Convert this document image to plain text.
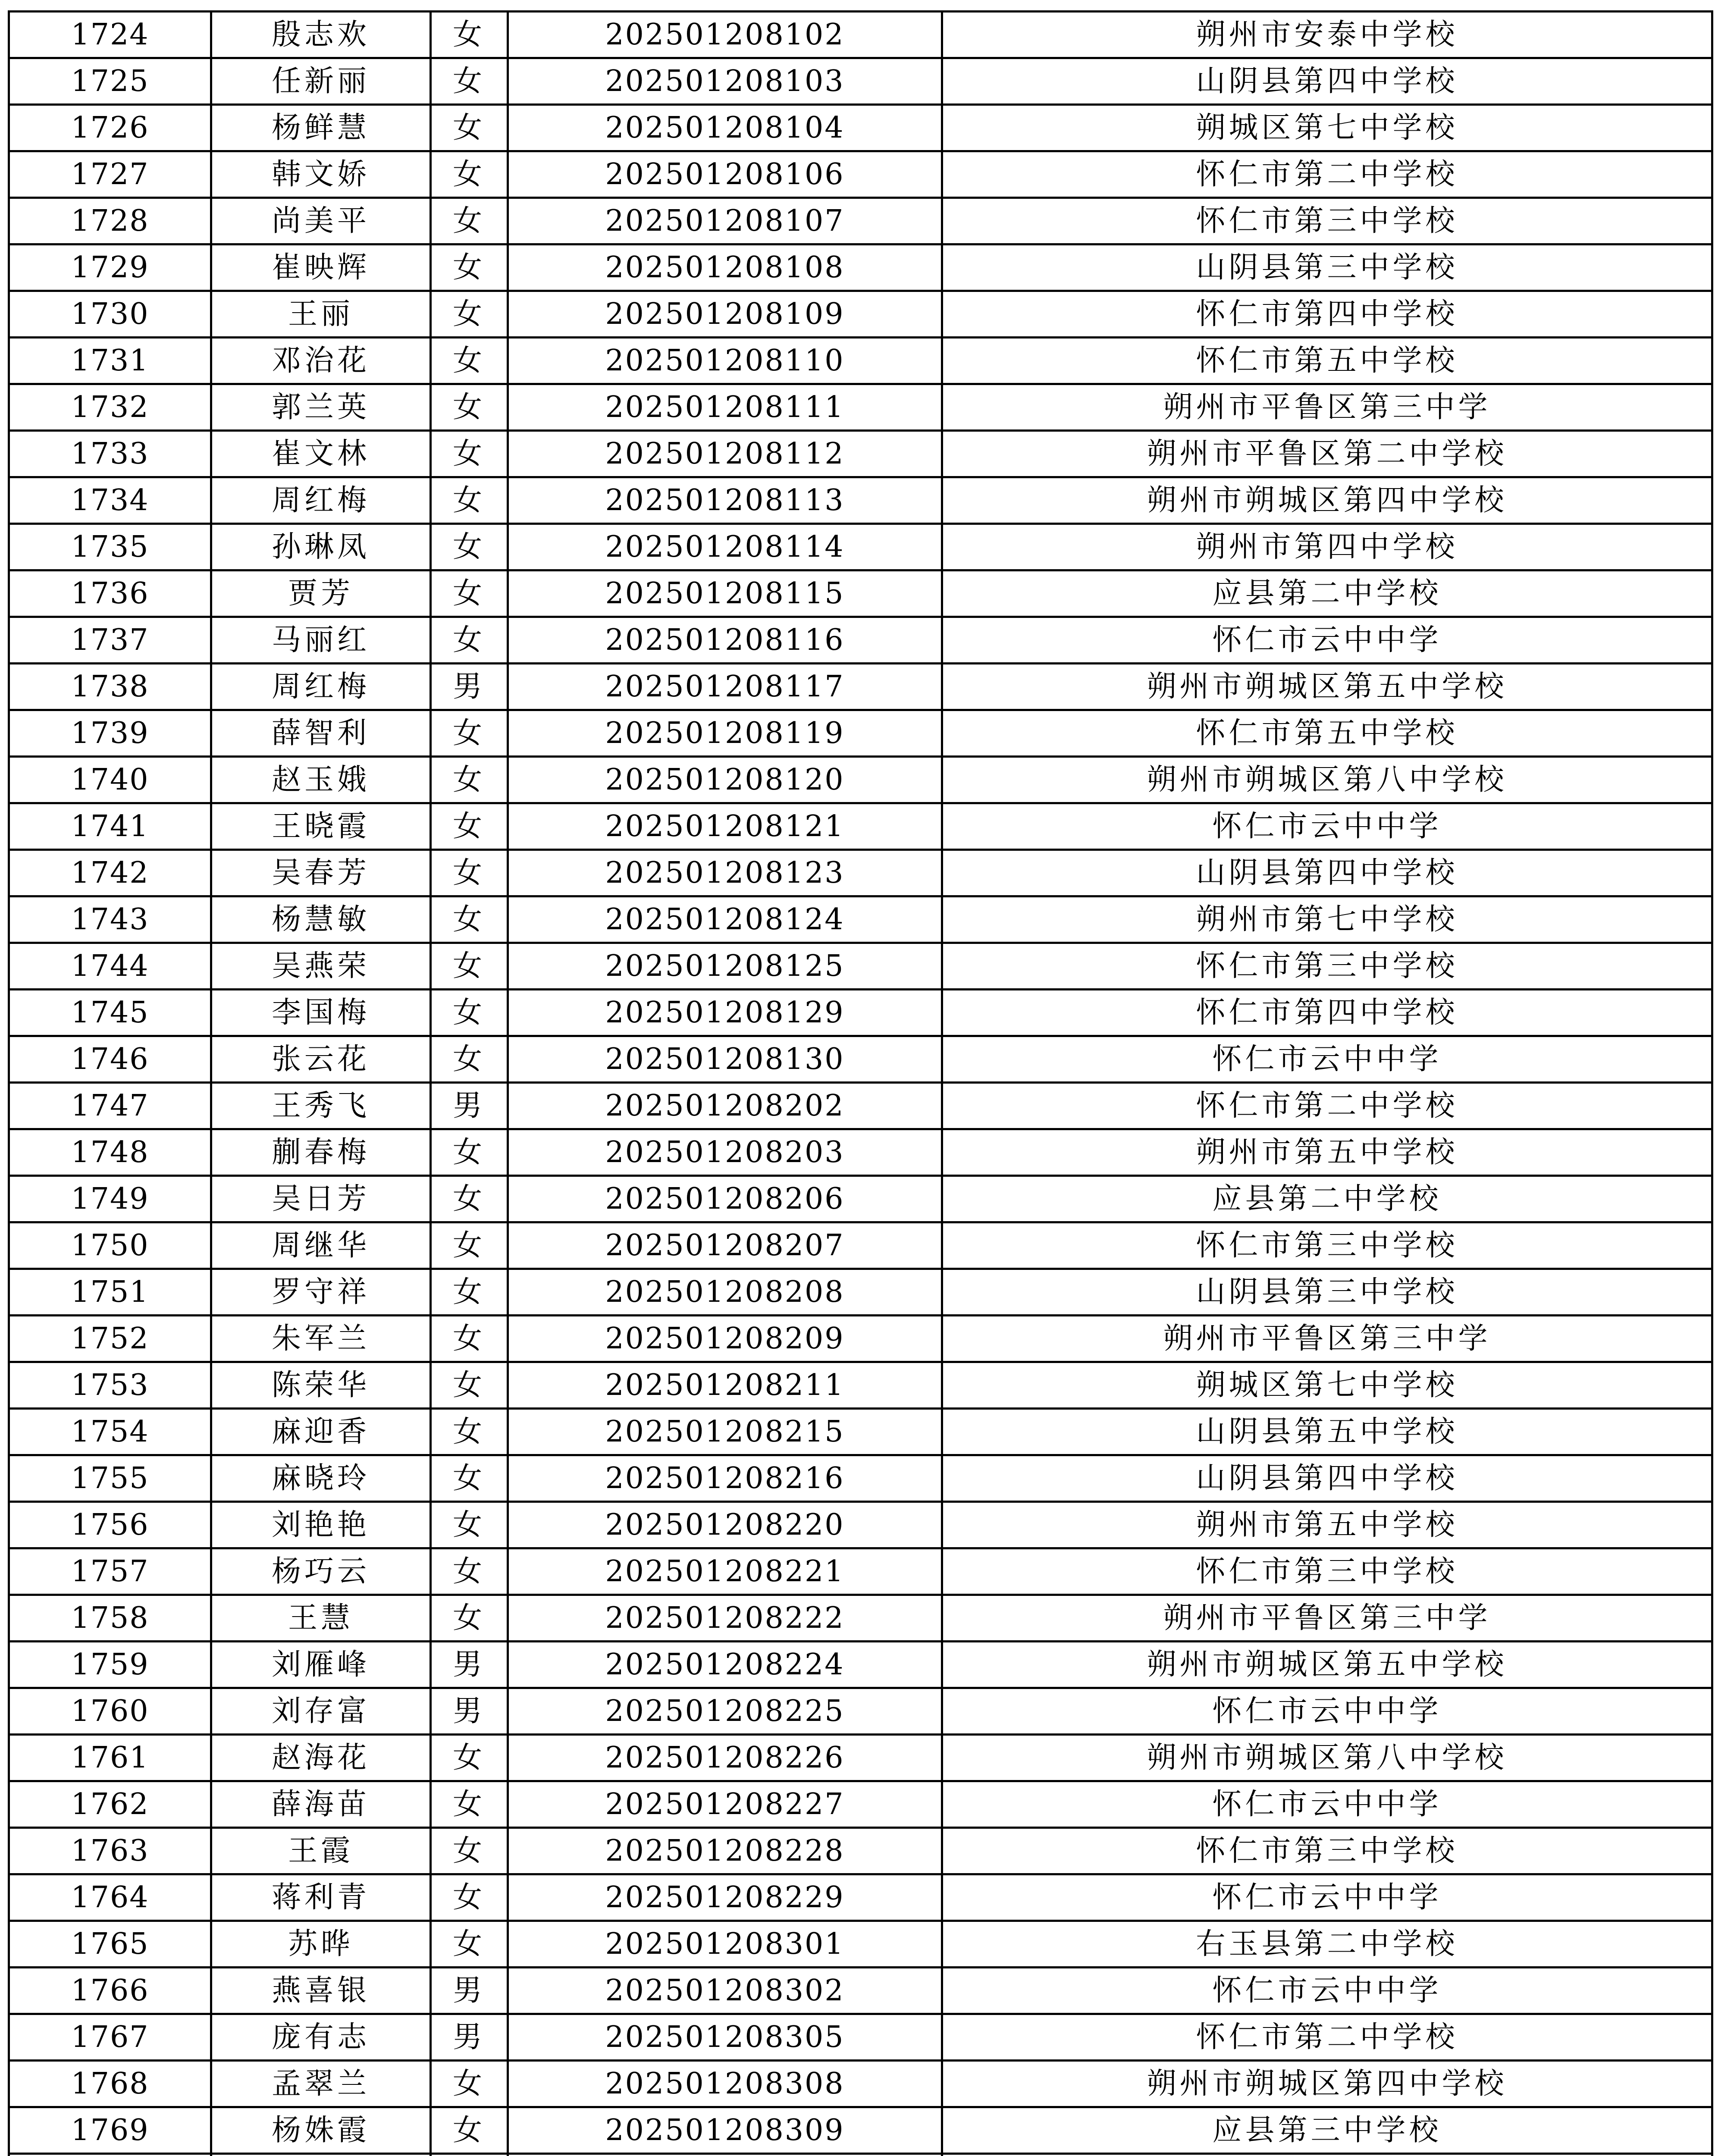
1724	殷志欢	女	202501208102	朔州市安泰中学校
1725	任新丽	女	202501208103	山阴县第四中学校
1726	杨鲜慧	女	202501208104	朔城区第七中学校
1727	韩文娇	女	202501208106	怀仁市第二中学校
1728	尚美平	女	202501208107	怀仁市第三中学校
1729	崔映辉	女	202501208108	山阴县第三中学校
1730	王丽	女	202501208109	怀仁市第四中学校
1731	邓治花	女	202501208110	怀仁市第五中学校
1732	郭兰英	女	202501208111	朔州市平鲁区第三中学
1733	崔文林	女	202501208112	朔州市平鲁区第二中学校
1734	周红梅	女	202501208113	朔州市朔城区第四中学校
1735	孙琳凤	女	202501208114	朔州市第四中学校
1736	贾芳	女	202501208115	应县第二中学校
1737	马丽红	女	202501208116	怀仁市云中中学
1738	周红梅	男	202501208117	朔州市朔城区第五中学校
1739	薛智利	女	202501208119	怀仁市第五中学校
1740	赵玉娥	女	202501208120	朔州市朔城区第八中学校
1741	王晓霞	女	202501208121	怀仁市云中中学
1742	吴春芳	女	202501208123	山阴县第四中学校
1743	杨慧敏	女	202501208124	朔州市第七中学校
1744	吴燕荣	女	202501208125	怀仁市第三中学校
1745	李国梅	女	202501208129	怀仁市第四中学校
1746	张云花	女	202501208130	怀仁市云中中学
1747	王秀飞	男	202501208202	怀仁市第二中学校
1748	蒯春梅	女	202501208203	朔州市第五中学校
1749	吴日芳	女	202501208206	应县第二中学校
1750	周继华	女	202501208207	怀仁市第三中学校
1751	罗守祥	女	202501208208	山阴县第三中学校
1752	朱军兰	女	202501208209	朔州市平鲁区第三中学
1753	陈荣华	女	202501208211	朔城区第七中学校
1754	麻迎香	女	202501208215	山阴县第五中学校
1755	麻晓玲	女	202501208216	山阴县第四中学校
1756	刘艳艳	女	202501208220	朔州市第五中学校
1757	杨巧云	女	202501208221	怀仁市第三中学校
1758	王慧	女	202501208222	朔州市平鲁区第三中学
1759	刘雁峰	男	202501208224	朔州市朔城区第五中学校
1760	刘存富	男	202501208225	怀仁市云中中学
1761	赵海花	女	202501208226	朔州市朔城区第八中学校
1762	薛海苗	女	202501208227	怀仁市云中中学
1763	王霞	女	202501208228	怀仁市第三中学校
1764	蒋利青	女	202501208229	怀仁市云中中学
1765	苏晔	女	202501208301	右玉县第二中学校
1766	燕喜银	男	202501208302	怀仁市云中中学
1767	庞有志	男	202501208305	怀仁市第二中学校
1768	孟翠兰	女	202501208308	朔州市朔城区第四中学校
1769	杨姝霞	女	202501208309	应县第三中学校
